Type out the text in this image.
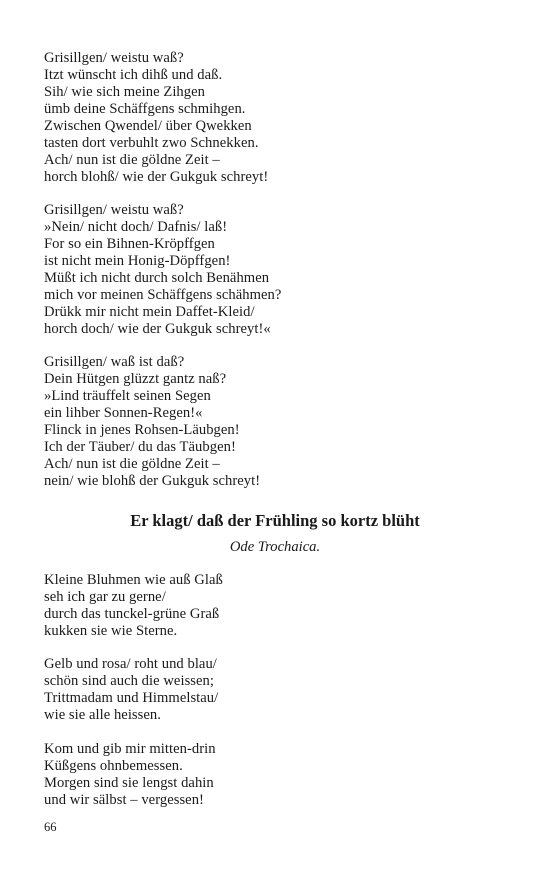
Grisillgen/ weistu waß?
Itzt wünscht ich dihß und daß.
Sih/ wie sich meine Zihgen
ümb deine Schäffgens schmihgen.
Zwischen Qwendel/ über Qwekken
tasten dort verbuhlt zwo Schnekken.
Ach/ nun ist die göldne Zeit –
horch blohß/ wie der Gukguk schreyt!
Grisillgen/ weistu waß?
»Nein/ nicht doch/ Dafnis/ laß!
For so ein Bihnen-Kröpffgen
ist nicht mein Honig-Döpffgen!
Müßt ich nicht durch solch Benähmen
mich vor meinen Schäffgens schähmen?
Drükk mir nicht mein Daffet-Kleid/
horch doch/ wie der Gukguk schreyt!«
Grisillgen/ waß ist daß?
Dein Hütgen glüzzt gantz naß?
»Lind träuffelt seinen Segen
ein lihber Sonnen-Regen!«
Flinck in jenes Rohsen-Läubgen!
Ich der Täuber/ du das Täubgen!
Ach/ nun ist die göldne Zeit –
nein/ wie blohß der Gukguk schreyt!
Er klagt/ daß der Frühling so kortz blüht
Ode Trochaica.
Kleine Bluhmen wie auß Glaß
seh ich gar zu gerne/
durch das tunckel-grüne Graß
kukken sie wie Sterne.
Gelb und rosa/ roht und blau/
schön sind auch die weissen;
Trittmadam und Himmelstau/
wie sie alle heissen.
Kom und gib mir mitten-drin
Küßgens ohnbemessen.
Morgen sind sie lengst dahin
und wir sälbst – vergessen!
66
